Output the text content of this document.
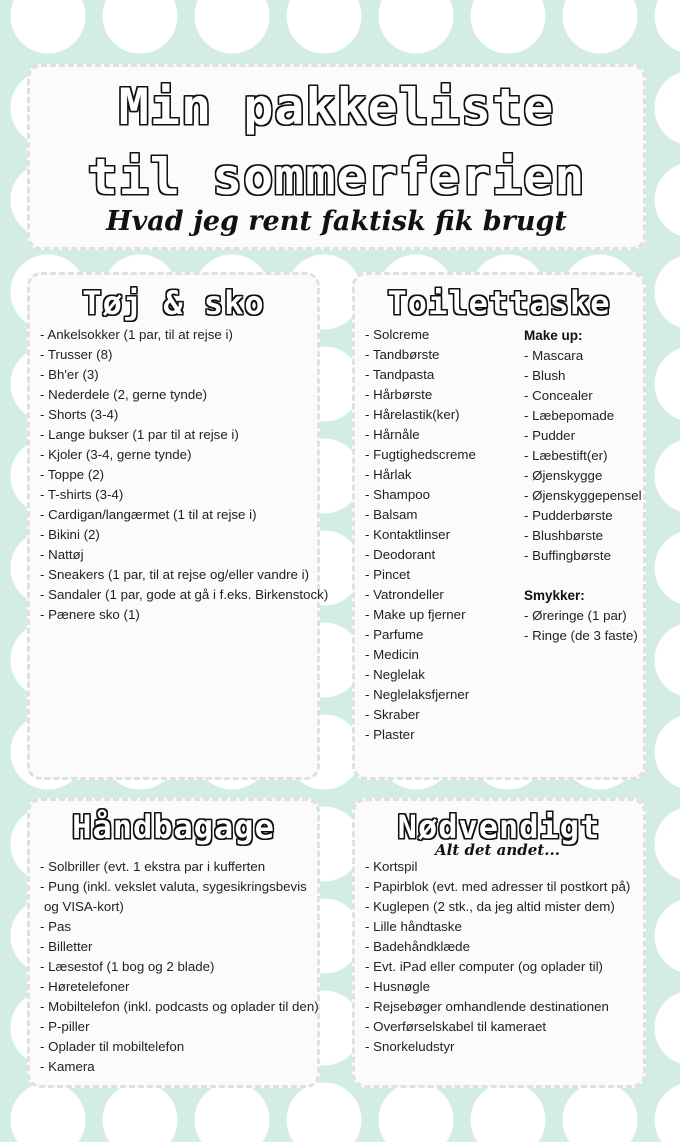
Min pakkeliste
til sommerferien
Hvad jeg rent faktisk fik brugt
Tøj & sko
- Ankelsokker (1 par, til at rejse i)
- Trusser (8)
- Bh'er (3)
- Nederdele (2, gerne tynde)
- Shorts (3-4)
- Lange bukser (1 par til at rejse i)
- Kjoler (3-4, gerne tynde)
- Toppe (2)
- T-shirts (3-4)
- Cardigan/langærmet (1 til at rejse i)
- Bikini (2)
- Nattøj
- Sneakers (1 par, til at rejse og/eller vandre i)
- Sandaler (1 par, gode at gå i f.eks. Birkenstock)
- Pænere sko (1)
Toilettaske
- Solcreme
- Tandbørste
- Tandpasta
- Hårbørste
- Hårelastik(ker)
- Hårnåle
- Fugtighedscreme
- Hårlak
- Shampoo
- Balsam
- Kontaktlinser
- Deodorant
- Pincet
- Vatrondeller
- Make up fjerner
- Parfume
- Medicin
- Neglelak
- Neglelaksfjerner
- Skraber
- Plaster
Make up:
- Mascara
- Blush
- Concealer
- Læbepomade
- Pudder
- Læbestift(er)
- Øjenskygge
- Øjenskyggepensel
- Pudderbørste
- Blushbørste
- Buffingbørste
Smykker:
- Øreringe (1 par)
- Ringe (de 3 faste)
Håndbagage
- Solbriller (evt. 1 ekstra par i kufferten
- Pung (inkl. vekslet valuta, sygesikringsbevis
og VISA-kort)
- Pas
- Billetter
- Læsestof (1 bog og 2 blade)
- Høretelefoner
- Mobiltelefon (inkl. podcasts og oplader til den)
- P-piller
- Oplader til mobiltelefon
- Kamera
Nødvendigt
Alt det andet...
- Kortspil
- Papirblok (evt. med adresser til postkort på)
- Kuglepen (2 stk., da jeg altid mister dem)
- Lille håndtaske
- Badehåndklæde
- Evt. iPad eller computer (og oplader til)
- Husnøgle
- Rejsebøger omhandlende destinationen
- Overførselskabel til kameraet
- Snorkeludstyr
